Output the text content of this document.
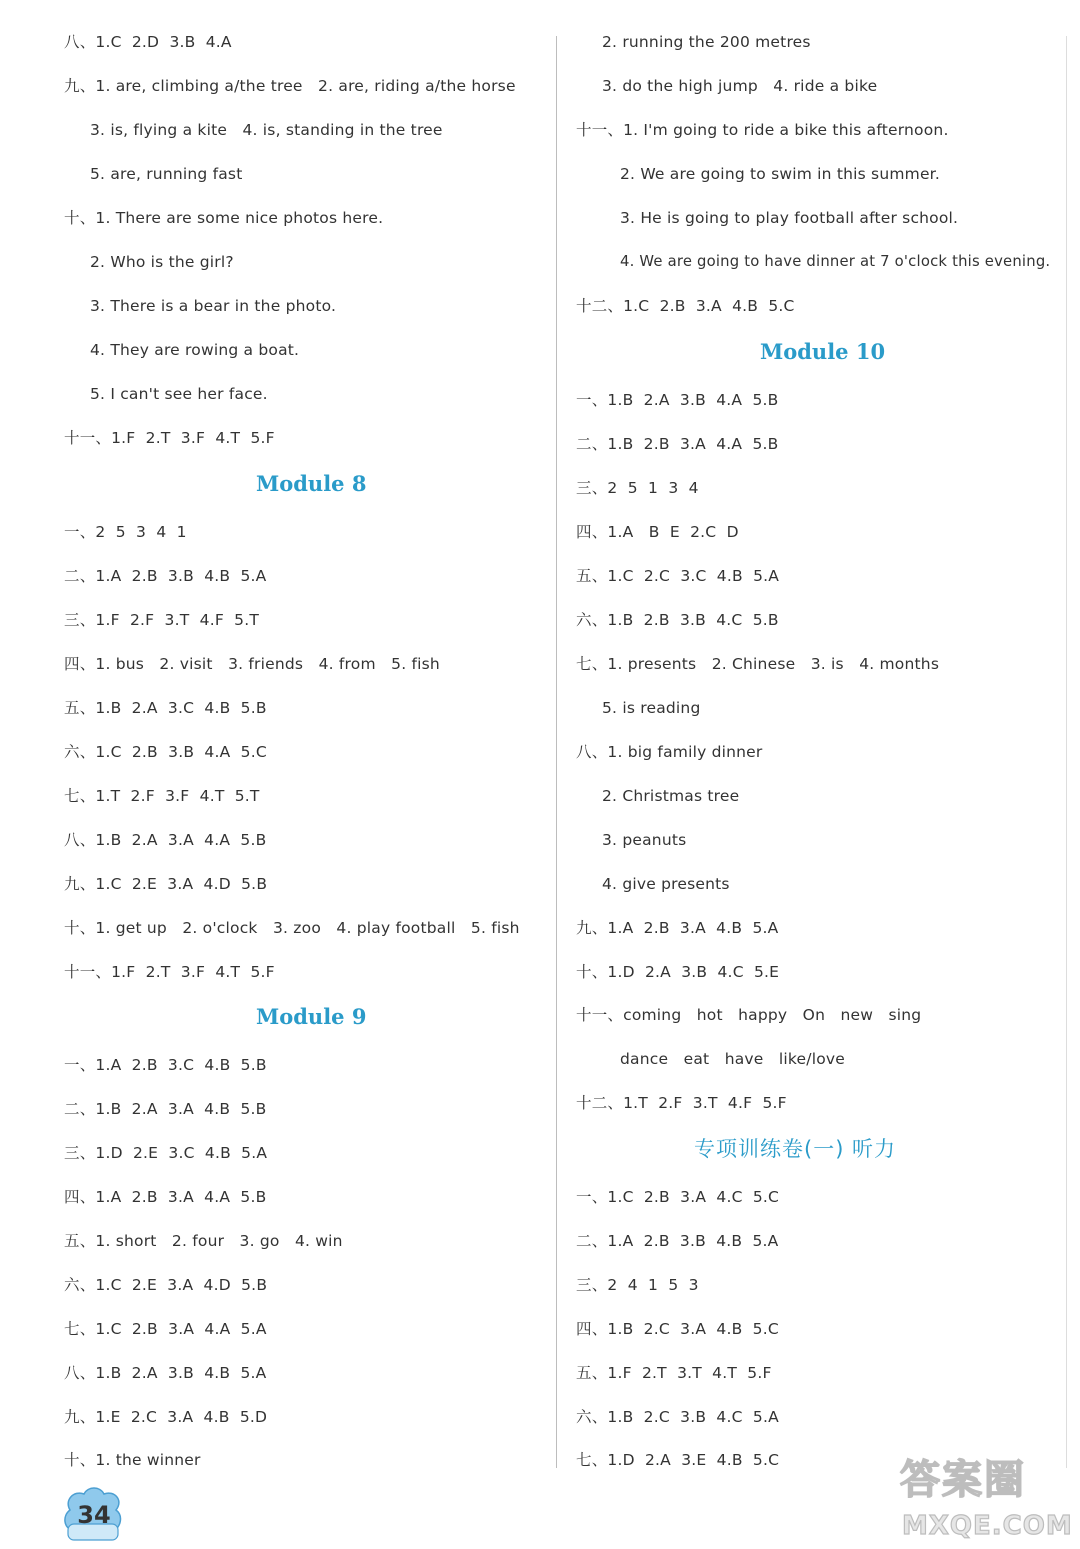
八、1.C  2.D  3.B  4.A
九、1. are, climbing a/the tree   2. are, riding a/the horse
3. is, flying a kite   4. is, standing in the tree
5. are, running fast
十、1. There are some nice photos here.
2. Who is the girl?
3. There is a bear in the photo.
4. They are rowing a boat.
5. I can't see her face.
十一、1.F  2.T  3.F  4.T  5.F
Module 8
一、2  5  3  4  1
二、1.A  2.B  3.B  4.B  5.A
三、1.F  2.F  3.T  4.F  5.T
四、1. bus   2. visit   3. friends   4. from   5. fish
五、1.B  2.A  3.C  4.B  5.B
六、1.C  2.B  3.B  4.A  5.C
七、1.T  2.F  3.F  4.T  5.T
八、1.B  2.A  3.A  4.A  5.B
九、1.C  2.E  3.A  4.D  5.B
十、1. get up   2. o'clock   3. zoo   4. play football   5. fish
十一、1.F  2.T  3.F  4.T  5.F
Module 9
一、1.A  2.B  3.C  4.B  5.B
二、1.B  2.A  3.A  4.B  5.B
三、1.D  2.E  3.C  4.B  5.A
四、1.A  2.B  3.A  4.A  5.B
五、1. short   2. four   3. go   4. win
六、1.C  2.E  3.A  4.D  5.B
七、1.C  2.B  3.A  4.A  5.A
八、1.B  2.A  3.B  4.B  5.A
九、1.E  2.C  3.A  4.B  5.D
十、1. the winner
2. running the 200 metres
3. do the high jump   4. ride a bike
十一、1. I'm going to ride a bike this afternoon.
2. We are going to swim in this summer.
3. He is going to play football after school.
4. We are going to have dinner at 7 o'clock this evening.
十二、1.C  2.B  3.A  4.B  5.C
Module 10
一、1.B  2.A  3.B  4.A  5.B
二、1.B  2.B  3.A  4.A  5.B
三、2  5  1  3  4
四、1.A   B  E  2.C  D
五、1.C  2.C  3.C  4.B  5.A
六、1.B  2.B  3.B  4.C  5.B
七、1. presents   2. Chinese   3. is   4. months
5. is reading
八、1. big family dinner
2. Christmas tree
3. peanuts
4. give presents
九、1.A  2.B  3.A  4.B  5.A
十、1.D  2.A  3.B  4.C  5.E
十一、coming   hot   happy   On   new   sing
dance   eat   have   like/love
十二、1.T  2.F  3.T  4.F  5.F
专项训练卷(一) 听力
一、1.C  2.B  3.A  4.C  5.C
二、1.A  2.B  3.B  4.B  5.A
三、2  4  1  5  3
四、1.B  2.C  3.A  4.B  5.C
五、1.F  2.T  3.T  4.T  5.F
六、1.B  2.C  3.B  4.C  5.A
七、1.D  2.A  3.E  4.B  5.C
34
答案圈
MXQE.COM
